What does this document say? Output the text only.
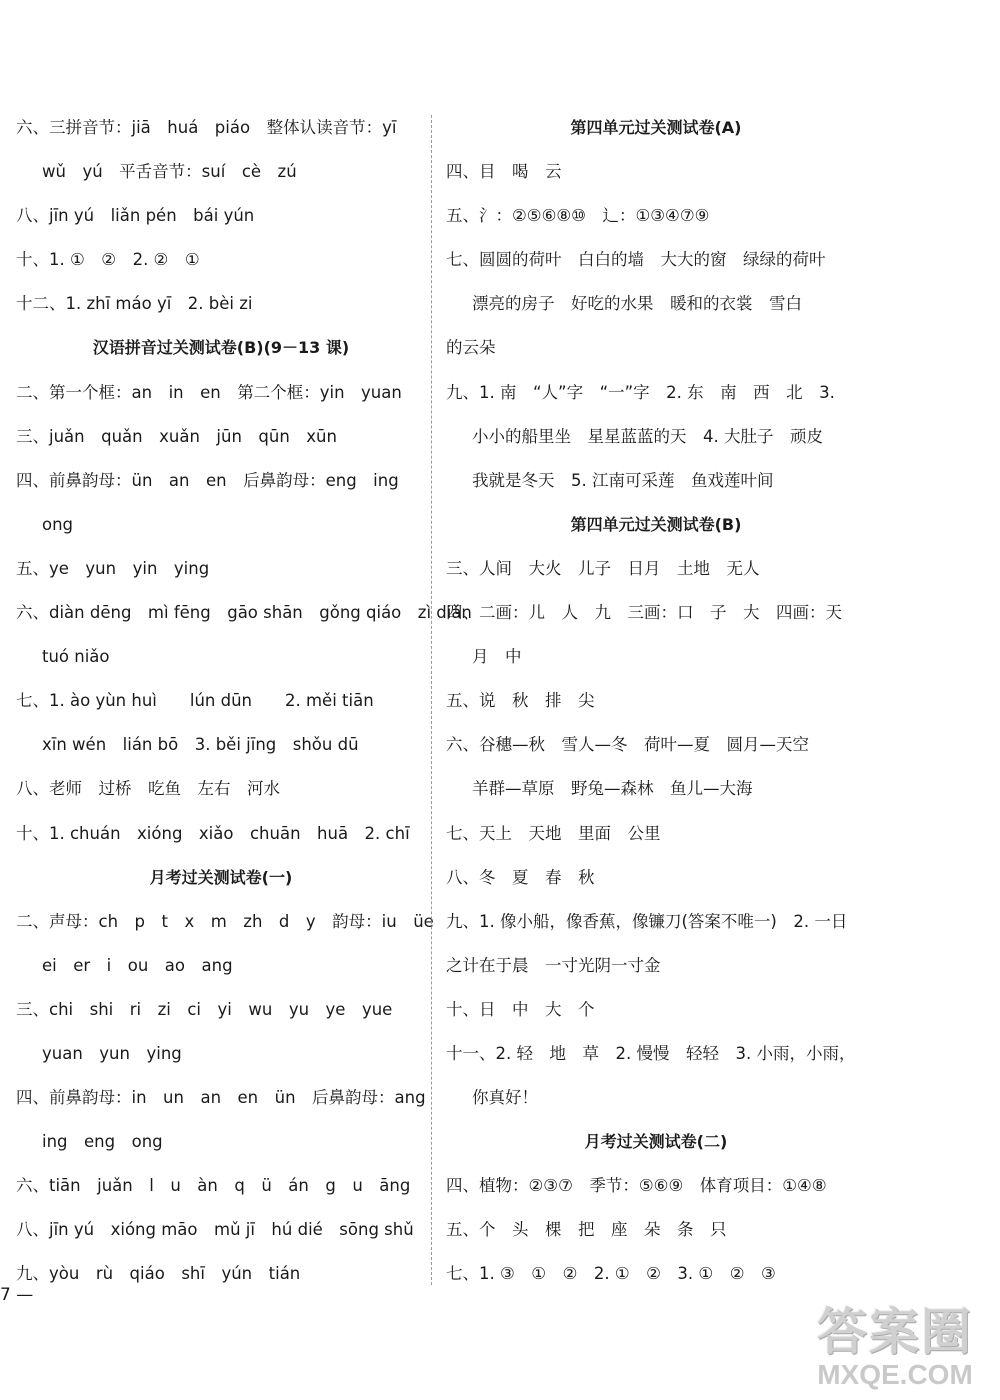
六、三拼音节：jiā　huá　piáo　整体认读音节：yī
wǔ　yú　平舌音节：suí　cè　zú
八、jīn yú　liǎn pén　bái yún
十、1. ①　②　2. ②　①
十二、1. zhī máo yī　2. bèi zi
汉语拼音过关测试卷(B)(9－13 课)
二、第一个框：an　in　en　第二个框：yin　yuan
三、juǎn　quǎn　xuǎn　jūn　qūn　xūn
四、前鼻韵母：ün　an　en　后鼻韵母：eng　ing
ong
五、ye　yun　yin　ying
六、diàn dēng　mì fēng　gāo shān　gǒng qiáo　zì diǎn
tuó niǎo
七、1. ào yùn huì　　lún dūn　　2. měi tiān
xīn wén　lián bō　3. běi jīng　shǒu dū
八、老师　过桥　吃鱼　左右　河水
十、1. chuán　xióng　xiǎo　chuān　huā　2. chī
月考过关测试卷(一)
二、声母：ch　p　t　x　m　zh　d　y　韵母：iu　üe
ei　er　i　ou　ao　ang
三、chi　shi　ri　zi　ci　yi　wu　yu　ye　yue
yuan　yun　ying
四、前鼻韵母：in　un　an　en　ün　后鼻韵母：ang
ing　eng　ong
六、tiān　juǎn　l　u　àn　q　ü　án　g　u　āng
八、jīn yú　xióng māo　mǔ jī　hú dié　sōng shǔ
九、yòu　rù　qiáo　shī　yún　tián
第四单元过关测试卷(A)
四、目　喝　云
五、氵：②⑤⑥⑧⑩　辶：①③④⑦⑨
七、圆圆的荷叶　白白的墙　大大的窗　绿绿的荷叶
漂亮的房子　好吃的水果　暖和的衣裳　雪白
的云朵
九、1. 南　“人”字　“一”字　2. 东　南　西　北　3.
小小的船里坐　星星蓝蓝的天　4. 大肚子　顽皮
我就是冬天　5. 江南可采莲　鱼戏莲叶间
第四单元过关测试卷(B)
三、人间　大火　儿子　日月　土地　无人
四、二画：儿　人　九　三画：口　子　大　四画：天
月　中
五、说　秋　排　尖
六、谷穗—秋　雪人—冬　荷叶—夏　圆月—天空
羊群—草原　野兔—森林　鱼儿—大海
七、天上　天地　里面　公里
八、冬　夏　春　秋
九、1. 像小船，像香蕉，像镰刀(答案不唯一)　2. 一日
之计在于晨　一寸光阴一寸金
十、日　中　大　个
十一、2. 轻　地　草　2. 慢慢　轻轻　3. 小雨，小雨，
你真好！
月考过关测试卷(二)
四、植物：②③⑦　季节：⑤⑥⑨　体育项目：①④⑧
五、个　头　棵　把　座　朵　条　只
七、1. ③　①　②　2. ①　②　3. ①　②　③
7 —
答案圈
MXQE.COM
